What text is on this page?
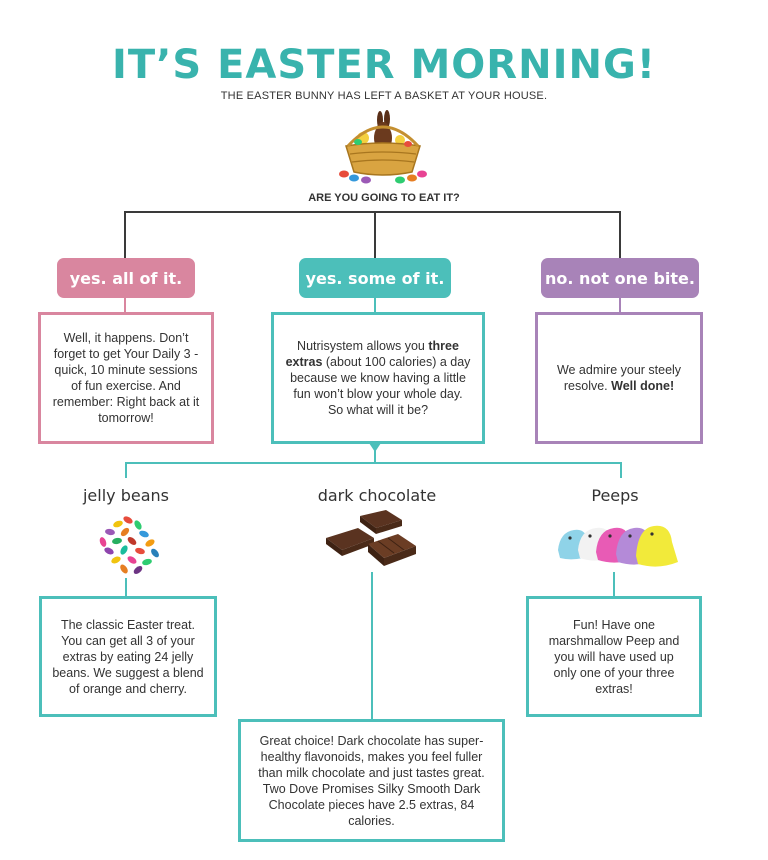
IT’S EASTER MORNING!
THE EASTER BUNNY HAS LEFT A BASKET AT YOUR HOUSE.
ARE YOU GOING TO EAT IT?
yes. all of it.	yes. some of it.	no. not one bite.
Well, it happens. Don’t forget to get Your Daily 3 - quick, 10 minute sessions of fun exercise. And remember: Right back at it tomorrow!
Nutrisystem allows you three extras (about 100 calories) a day because we know having a little fun won’t blow your whole day. So what will it be?
We admire your steely resolve. Well done!
jelly beans	dark chocolate	Peeps
The classic Easter treat. You can get all 3 of your extras by eating 24 jelly beans. We suggest a blend of orange and cherry.
Great choice! Dark chocolate has super-healthy flavonoids, makes you feel fuller than milk chocolate and just tastes great. Two Dove Promises Silky Smooth Dark Chocolate pieces have 2.5 extras, 84 calories.
Fun! Have one marshmallow Peep and you will have used up only one of your three extras!
